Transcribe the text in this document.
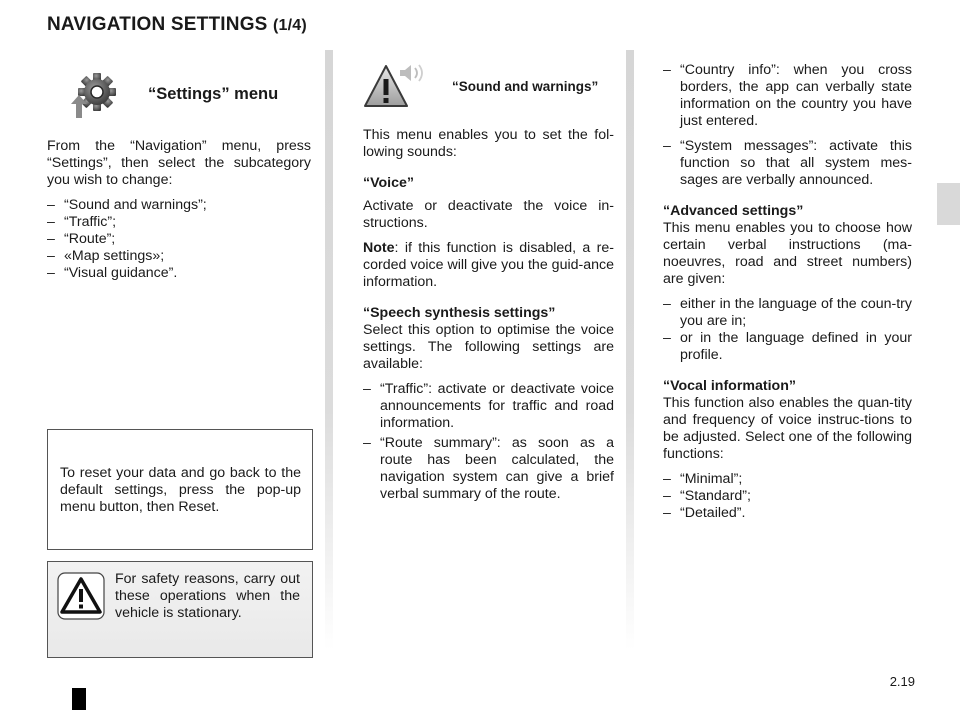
NAVIGATION SETTINGS (1/4)
“Settings” menu

From the “Navigation” menu, press “Settings”, then select the subcategory you wish to change:

– “Sound and warnings”;
– “Traffic”;
– “Route”;
– «Map settings»;
– “Visual guidance”.

To reset your data and go back to the default settings, press the pop-up menu button, then Reset.

For safety reasons, carry out these operations when the vehicle is stationary.

“Sound and warnings”

This menu enables you to set the fol-lowing sounds:

“Voice”

Activate or deactivate the voice in-structions.

Note: if this function is disabled, a re-corded voice will give you the guid-ance information.

“Speech synthesis settings”

Select this option to optimise the voice settings. The following settings are available:

– “Traffic”: activate or deactivate voice announcements for traffic and road information.
– “Route summary”: as soon as a route has been calculated, the navigation system can give a brief verbal summary of the route.
– “Country info”: when you cross borders, the app can verbally state information on the country you have just entered.
– “System messages”: activate this function so that all system mes-sages are verbally announced.

“Advanced settings”

This menu enables you to choose how certain verbal instructions (ma-noeuvres, road and street numbers) are given:

– either in the language of the coun-try you are in;
– or in the language defined in your profile.

“Vocal information”

This function also enables the quan-tity and frequency of voice instruc-tions to be adjusted. Select one of the following functions:

– “Minimal”;
– “Standard”;
– “Detailed”.
2.19
